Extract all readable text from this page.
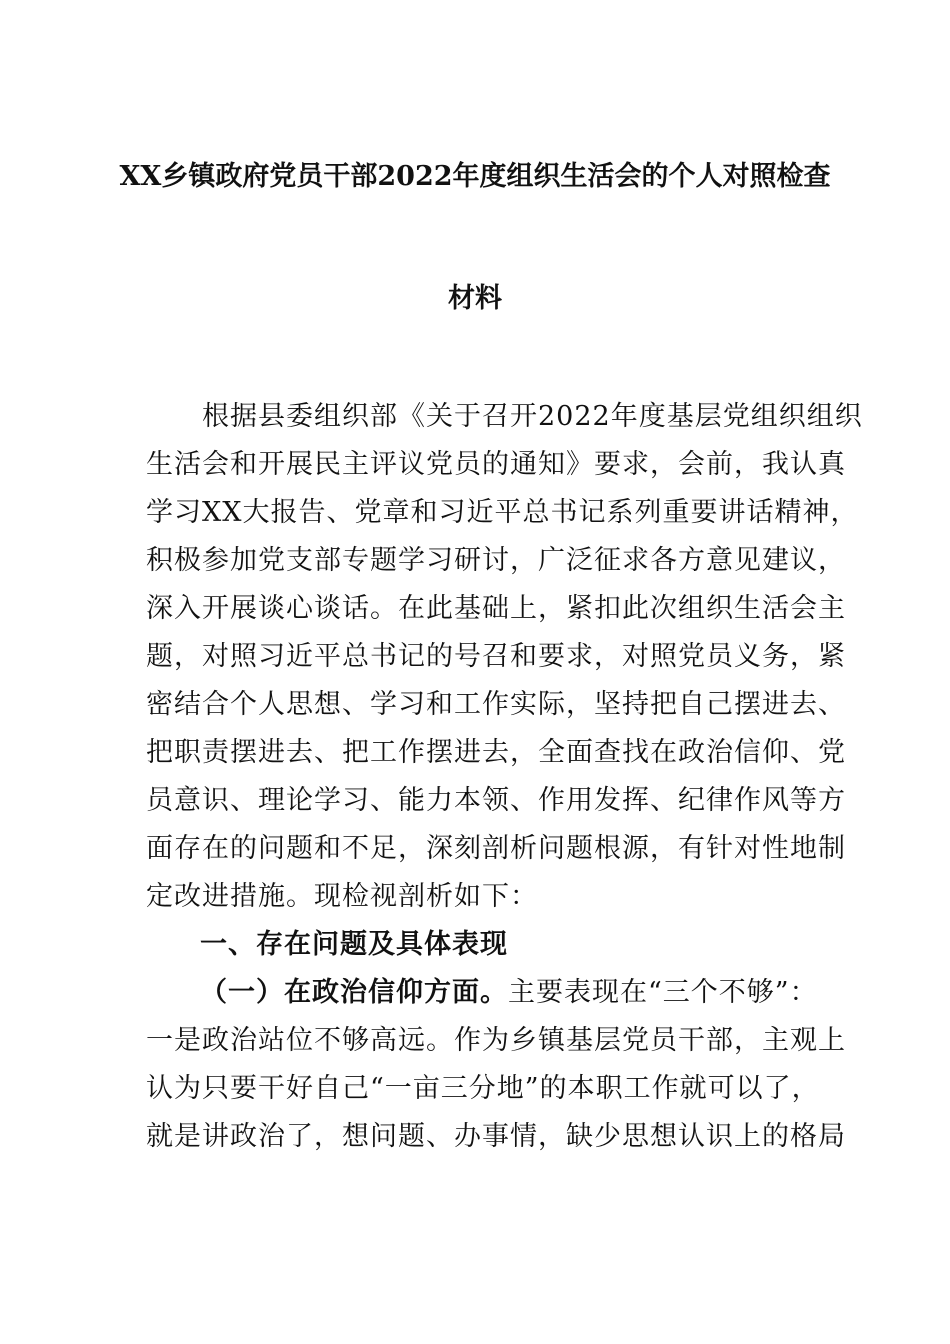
XX乡镇政府党员干部2022年度组织生活会的个人对照检查
材料
根据县委组织部《关于召开2022年度基层党组织组织
生活会和开展民主评议党员的通知》要求，会前，我认真
学习XX大报告、党章和习近平总书记系列重要讲话精神，
积极参加党支部专题学习研讨，广泛征求各方意见建议，
深入开展谈心谈话。在此基础上，紧扣此次组织生活会主
题，对照习近平总书记的号召和要求，对照党员义务，紧
密结合个人思想、学习和工作实际，坚持把自己摆进去、
把职责摆进去、把工作摆进去，全面查找在政治信仰、党
员意识、理论学习、能力本领、作用发挥、纪律作风等方
面存在的问题和不足，深刻剖析问题根源，有针对性地制
定改进措施。现检视剖析如下：
一、存在问题及具体表现
（一）在政治信仰方面。主要表现在“三个不够”：
一是政治站位不够高远。作为乡镇基层党员干部，主观上
认为只要干好自己“一亩三分地”的本职工作就可以了，
就是讲政治了，想问题、办事情，缺少思想认识上的格局
